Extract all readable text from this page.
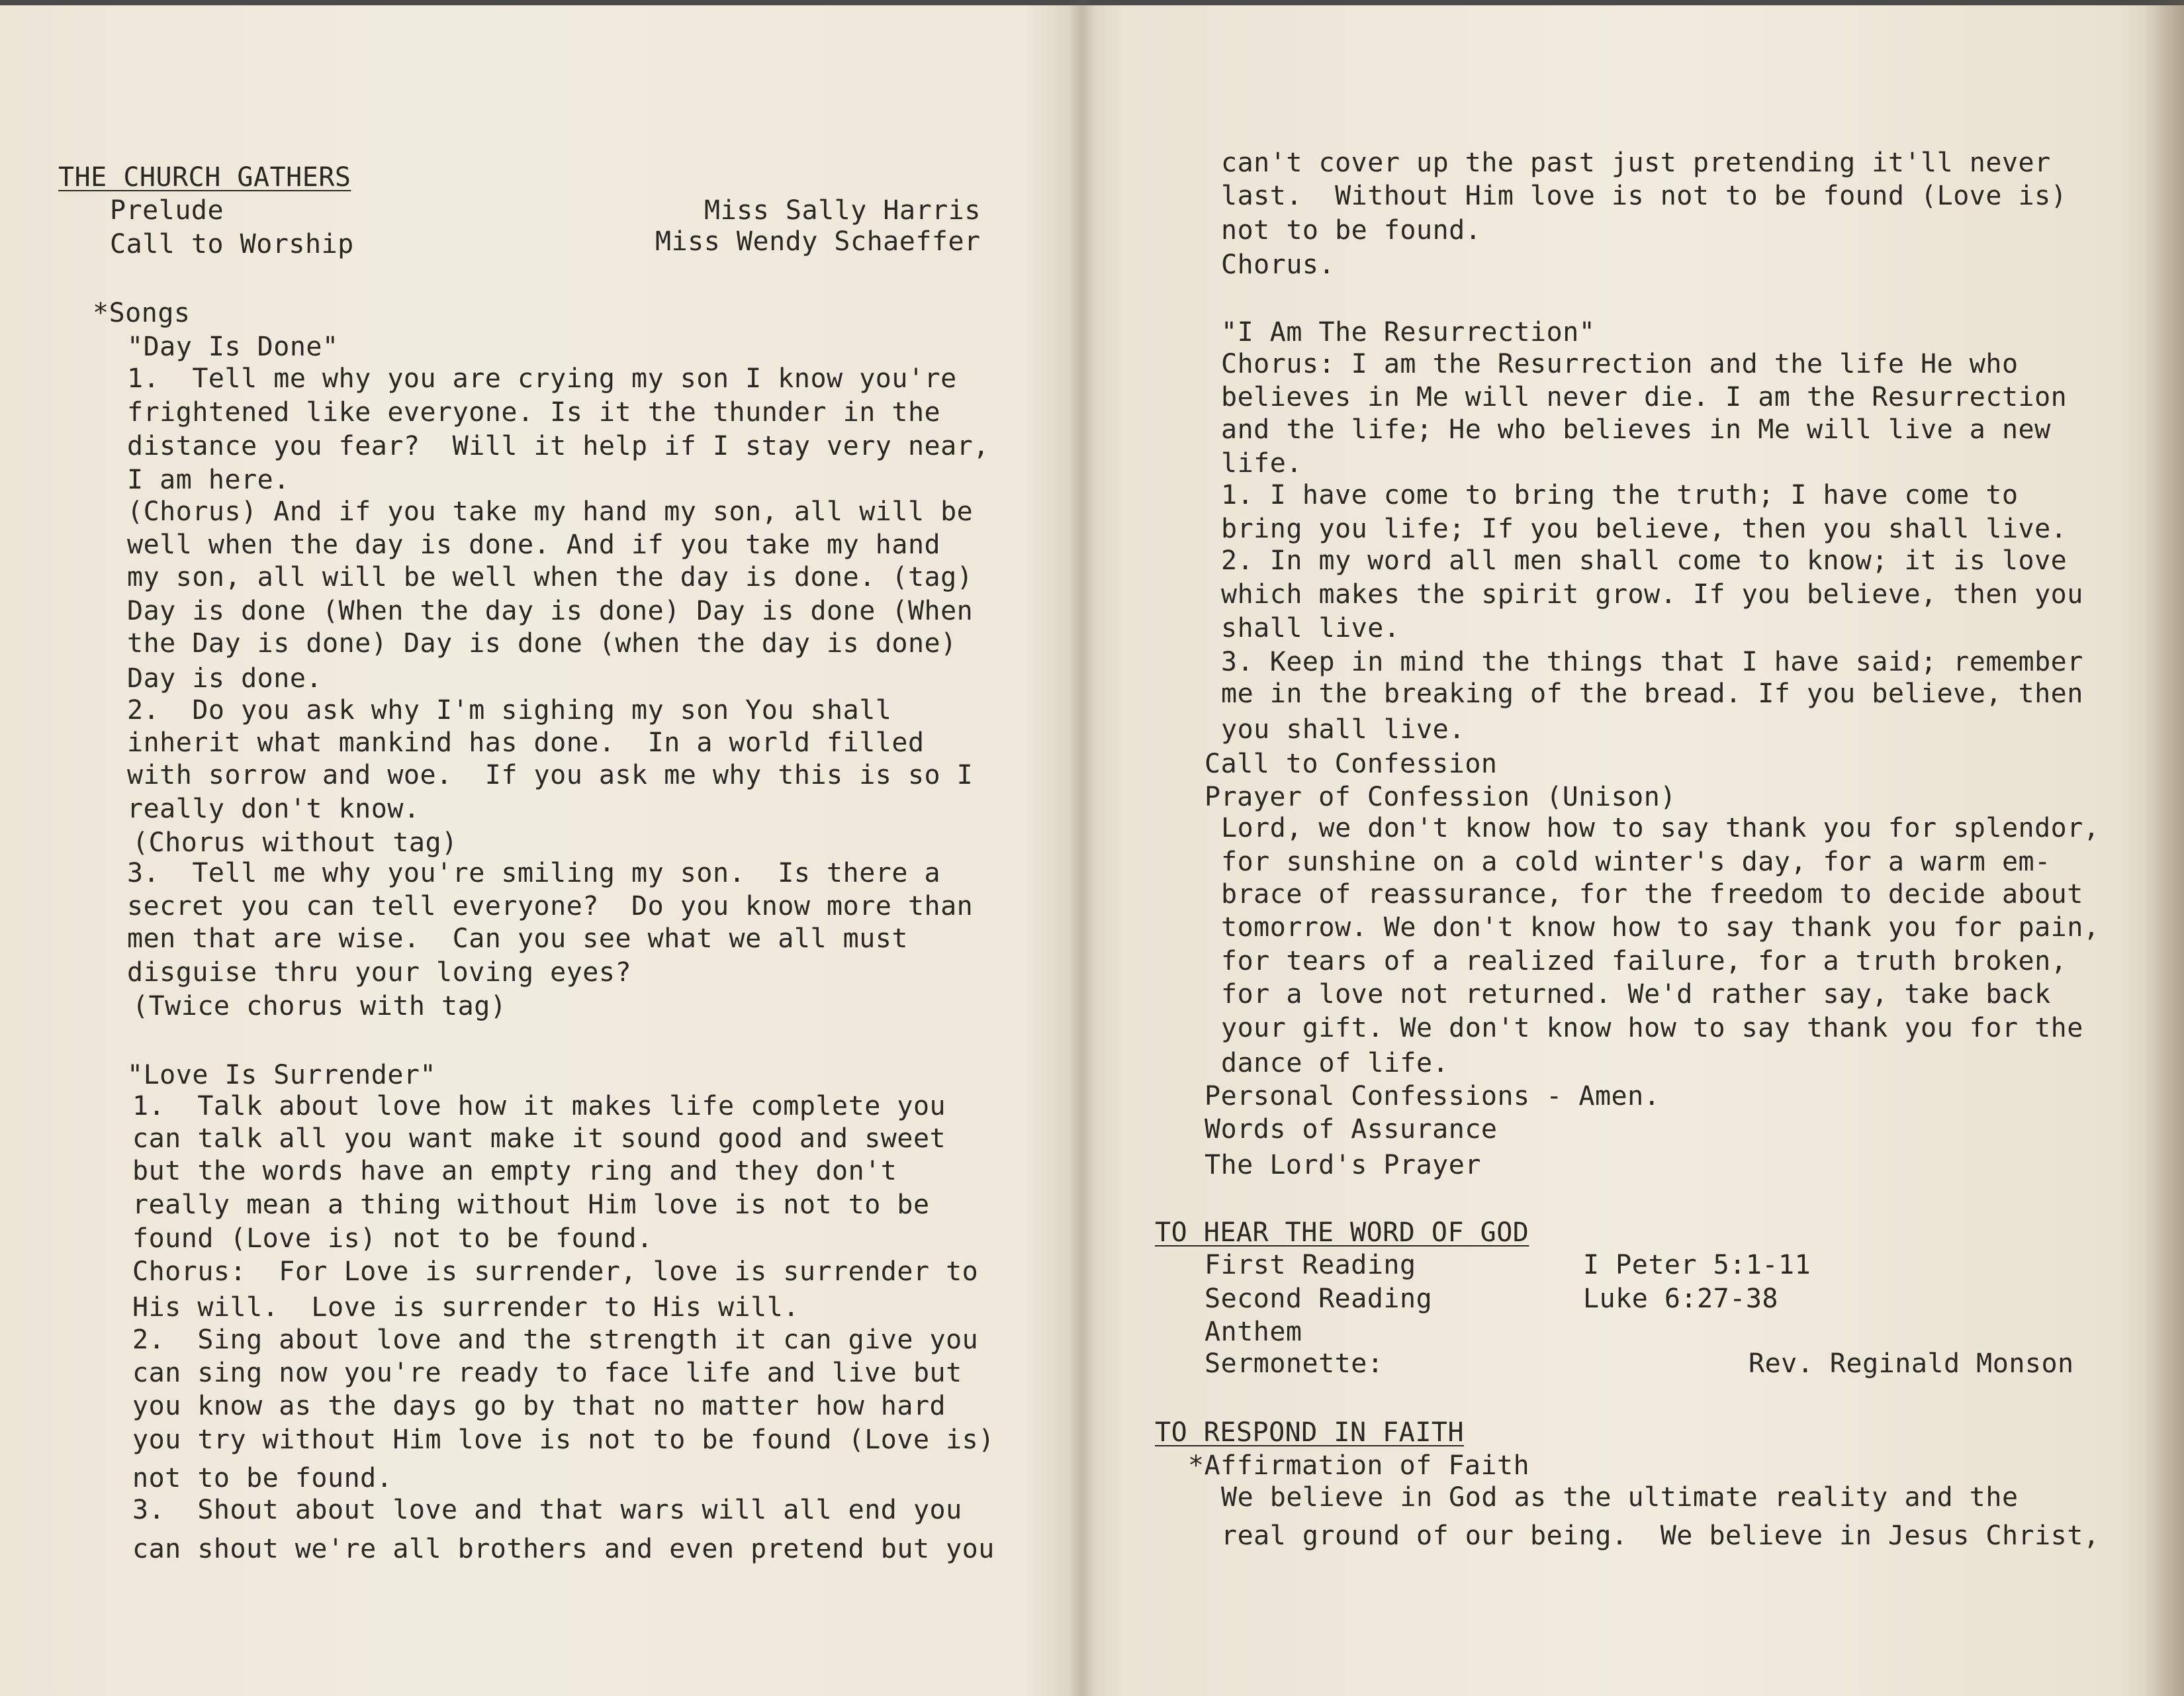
THE CHURCH GATHERS
Prelude	Miss Sally Harris
Call to Worship	Miss Wendy Schaeffer
*Songs
"Day Is Done"
1.  Tell me why you are crying my son I know you're
frightened like everyone. Is it the thunder in the
distance you fear?  Will it help if I stay very near,
I am here.
(Chorus) And if you take my hand my son, all will be
well when the day is done. And if you take my hand
my son, all will be well when the day is done. (tag)
Day is done (When the day is done) Day is done (When
the Day is done) Day is done (when the day is done)
Day is done.
2.  Do you ask why I'm sighing my son You shall
inherit what mankind has done.  In a world filled
with sorrow and woe.  If you ask me why this is so I
really don't know.
(Chorus without tag)
3.  Tell me why you're smiling my son.  Is there a
secret you can tell everyone?  Do you know more than
men that are wise.  Can you see what we all must
disguise thru your loving eyes?
(Twice chorus with tag)
"Love Is Surrender"
1.  Talk about love how it makes life complete you
can talk all you want make it sound good and sweet
but the words have an empty ring and they don't
really mean a thing without Him love is not to be
found (Love is) not to be found.
Chorus:  For Love is surrender, love is surrender to
His will.  Love is surrender to His will.
2.  Sing about love and the strength it can give you
can sing now you're ready to face life and live but
you know as the days go by that no matter how hard
you try without Him love is not to be found (Love is)
not to be found.
3.  Shout about love and that wars will all end you
can shout we're all brothers and even pretend but you
can't cover up the past just pretending it'll never
last.  Without Him love is not to be found (Love is)
not to be found.
Chorus.
"I Am The Resurrection"
Chorus: I am the Resurrection and the life He who
believes in Me will never die. I am the Resurrection
and the life; He who believes in Me will live a new
life.
1. I have come to bring the truth; I have come to
bring you life; If you believe, then you shall live.
2. In my word all men shall come to know; it is love
which makes the spirit grow. If you believe, then you
shall live.
3. Keep in mind the things that I have said; remember
me in the breaking of the bread. If you believe, then
you shall live.
Call to Confession
Prayer of Confession (Unison)
Lord, we don't know how to say thank you for splendor,
for sunshine on a cold winter's day, for a warm em-
brace of reassurance, for the freedom to decide about
tomorrow. We don't know how to say thank you for pain,
for tears of a realized failure, for a truth broken,
for a love not returned. We'd rather say, take back
your gift. We don't know how to say thank you for the
dance of life.
Personal Confessions - Amen.
Words of Assurance
The Lord's Prayer
TO HEAR THE WORD OF GOD
First Reading	I Peter 5:1-11
Second Reading	Luke 6:27-38
Anthem
Sermonette:	Rev. Reginald Monson
TO RESPOND IN FAITH
*Affirmation of Faith
We believe in God as the ultimate reality and the
real ground of our being.  We believe in Jesus Christ,
